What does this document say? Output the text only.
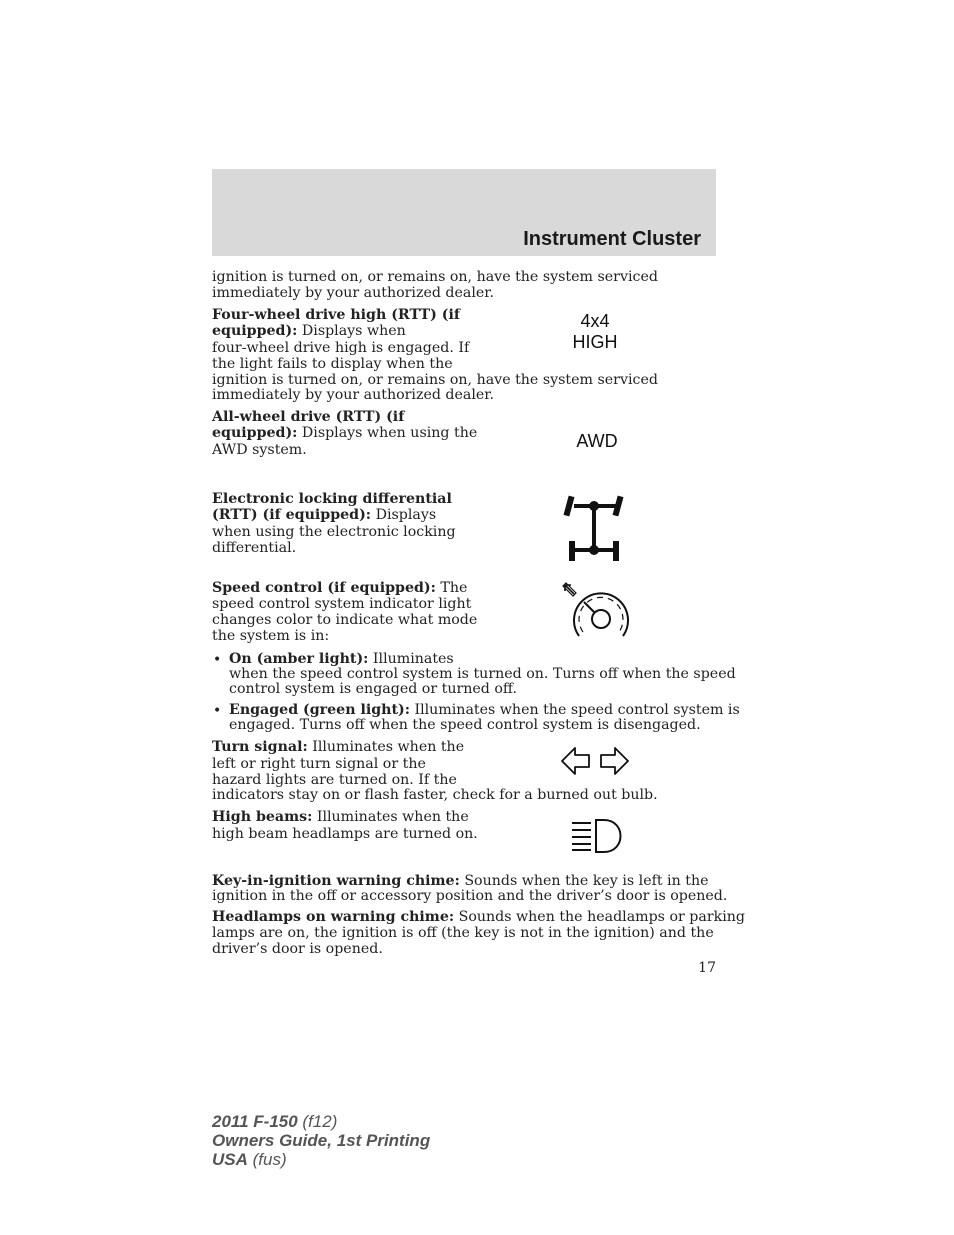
Instrument Cluster

ignition is turned on, or remains on, have the system serviced

immediately by your authorized dealer.

Four-wheel drive high (RTT) (if

equipped): Displays when

four-wheel drive high is engaged. If

the light fails to display when the

ignition is turned on, or remains on, have the system serviced

immediately by your authorized dealer.

4x4
HIGH

All-wheel drive (RTT) (if

equipped): Displays when using the

AWD system.	AWD

Electronic locking differential

(RTT) (if equipped): Displays

when using the electronic locking

differential.

Speed control (if equipped): The

speed control system indicator light

changes color to indicate what mode

the system is in:

• On (amber light): Illuminates

when the speed control system is turned on. Turns off when the speed

control system is engaged or turned off.

• Engaged (green light): Illuminates when the speed control system is

engaged. Turns off when the speed control system is disengaged.

Turn signal: Illuminates when the

left or right turn signal or the

hazard lights are turned on. If the

indicators stay on or flash faster, check for a burned out bulb.

High beams: Illuminates when the

high beam headlamps are turned on.

Key-in-ignition warning chime: Sounds when the key is left in the

ignition in the off or accessory position and the driver’s door is opened.

Headlamps on warning chime: Sounds when the headlamps or parking

lamps are on, the ignition is off (the key is not in the ignition) and the

driver’s door is opened.

17
2011 F-150 (f12)
Owners Guide, 1st Printing
USA (fus)
